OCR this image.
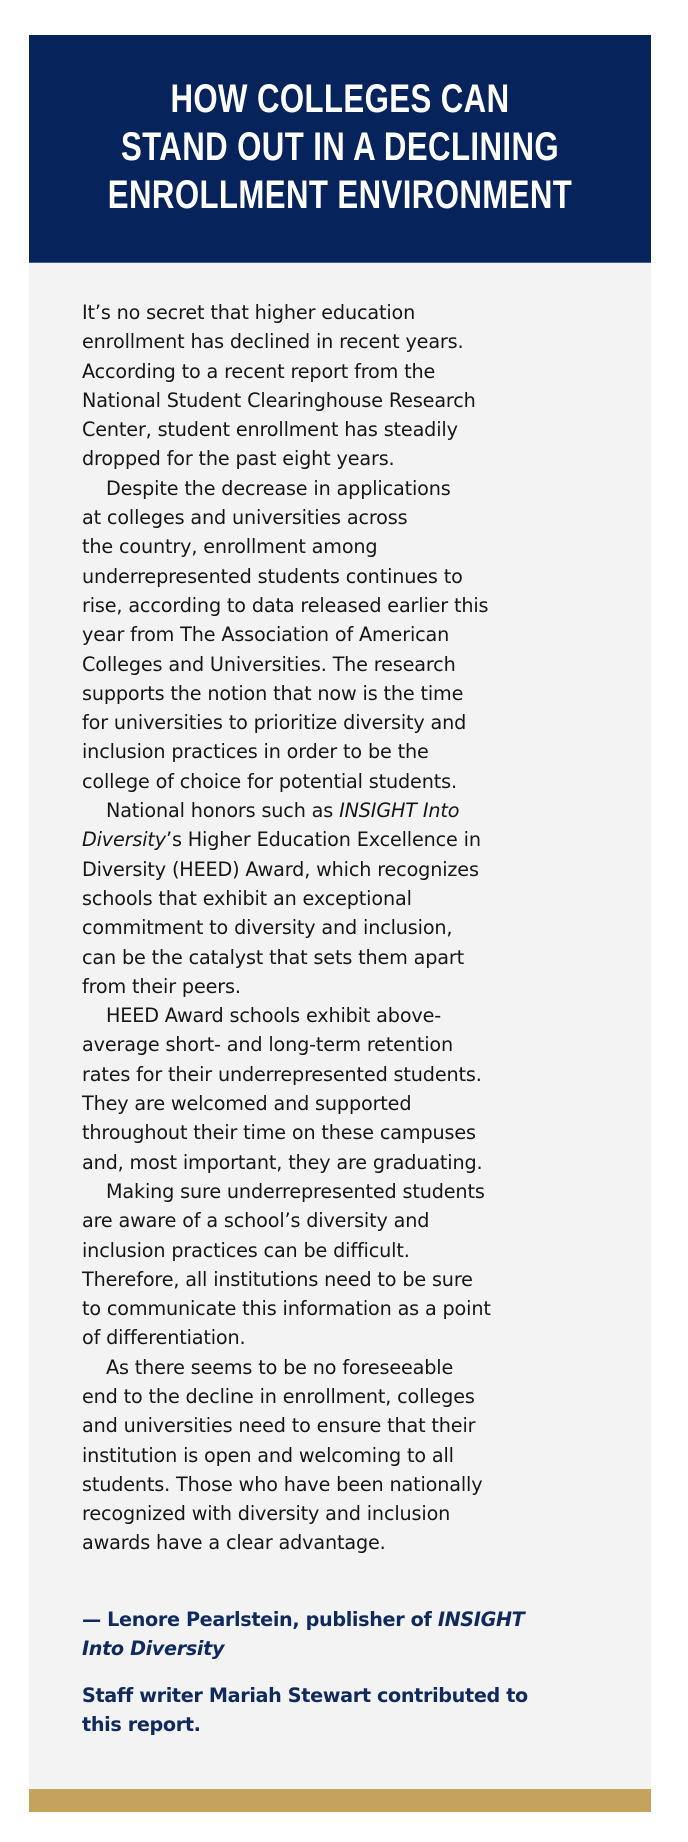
HOW COLLEGES CAN
STAND OUT IN A DECLINING
ENROLLMENT ENVIRONMENT
It’s no secret that higher education
enrollment has declined in recent years.
According to a recent report from the
National Student Clearinghouse Research
Center, student enrollment has steadily
dropped for the past eight years.
Despite the decrease in applications
at colleges and universities across
the country, enrollment among
underrepresented students continues to
rise, according to data released earlier this
year from The Association of American
Colleges and Universities. The research
supports the notion that now is the time
for universities to prioritize diversity and
inclusion practices in order to be the
college of choice for potential students.
National honors such as INSIGHT Into
Diversity’s Higher Education Excellence in
Diversity (HEED) Award, which recognizes
schools that exhibit an exceptional
commitment to diversity and inclusion,
can be the catalyst that sets them apart
from their peers.
HEED Award schools exhibit above-
average short- and long-term retention
rates for their underrepresented students.
They are welcomed and supported
throughout their time on these campuses
and, most important, they are graduating.
Making sure underrepresented students
are aware of a school’s diversity and
inclusion practices can be difficult.
Therefore, all institutions need to be sure
to communicate this information as a point
of differentiation.
As there seems to be no foreseeable
end to the decline in enrollment, colleges
and universities need to ensure that their
institution is open and welcoming to all
students. Those who have been nationally
recognized with diversity and inclusion
awards have a clear advantage.
— Lenore Pearlstein, publisher of INSIGHT
Into Diversity
Staff writer Mariah Stewart contributed to
this report.
